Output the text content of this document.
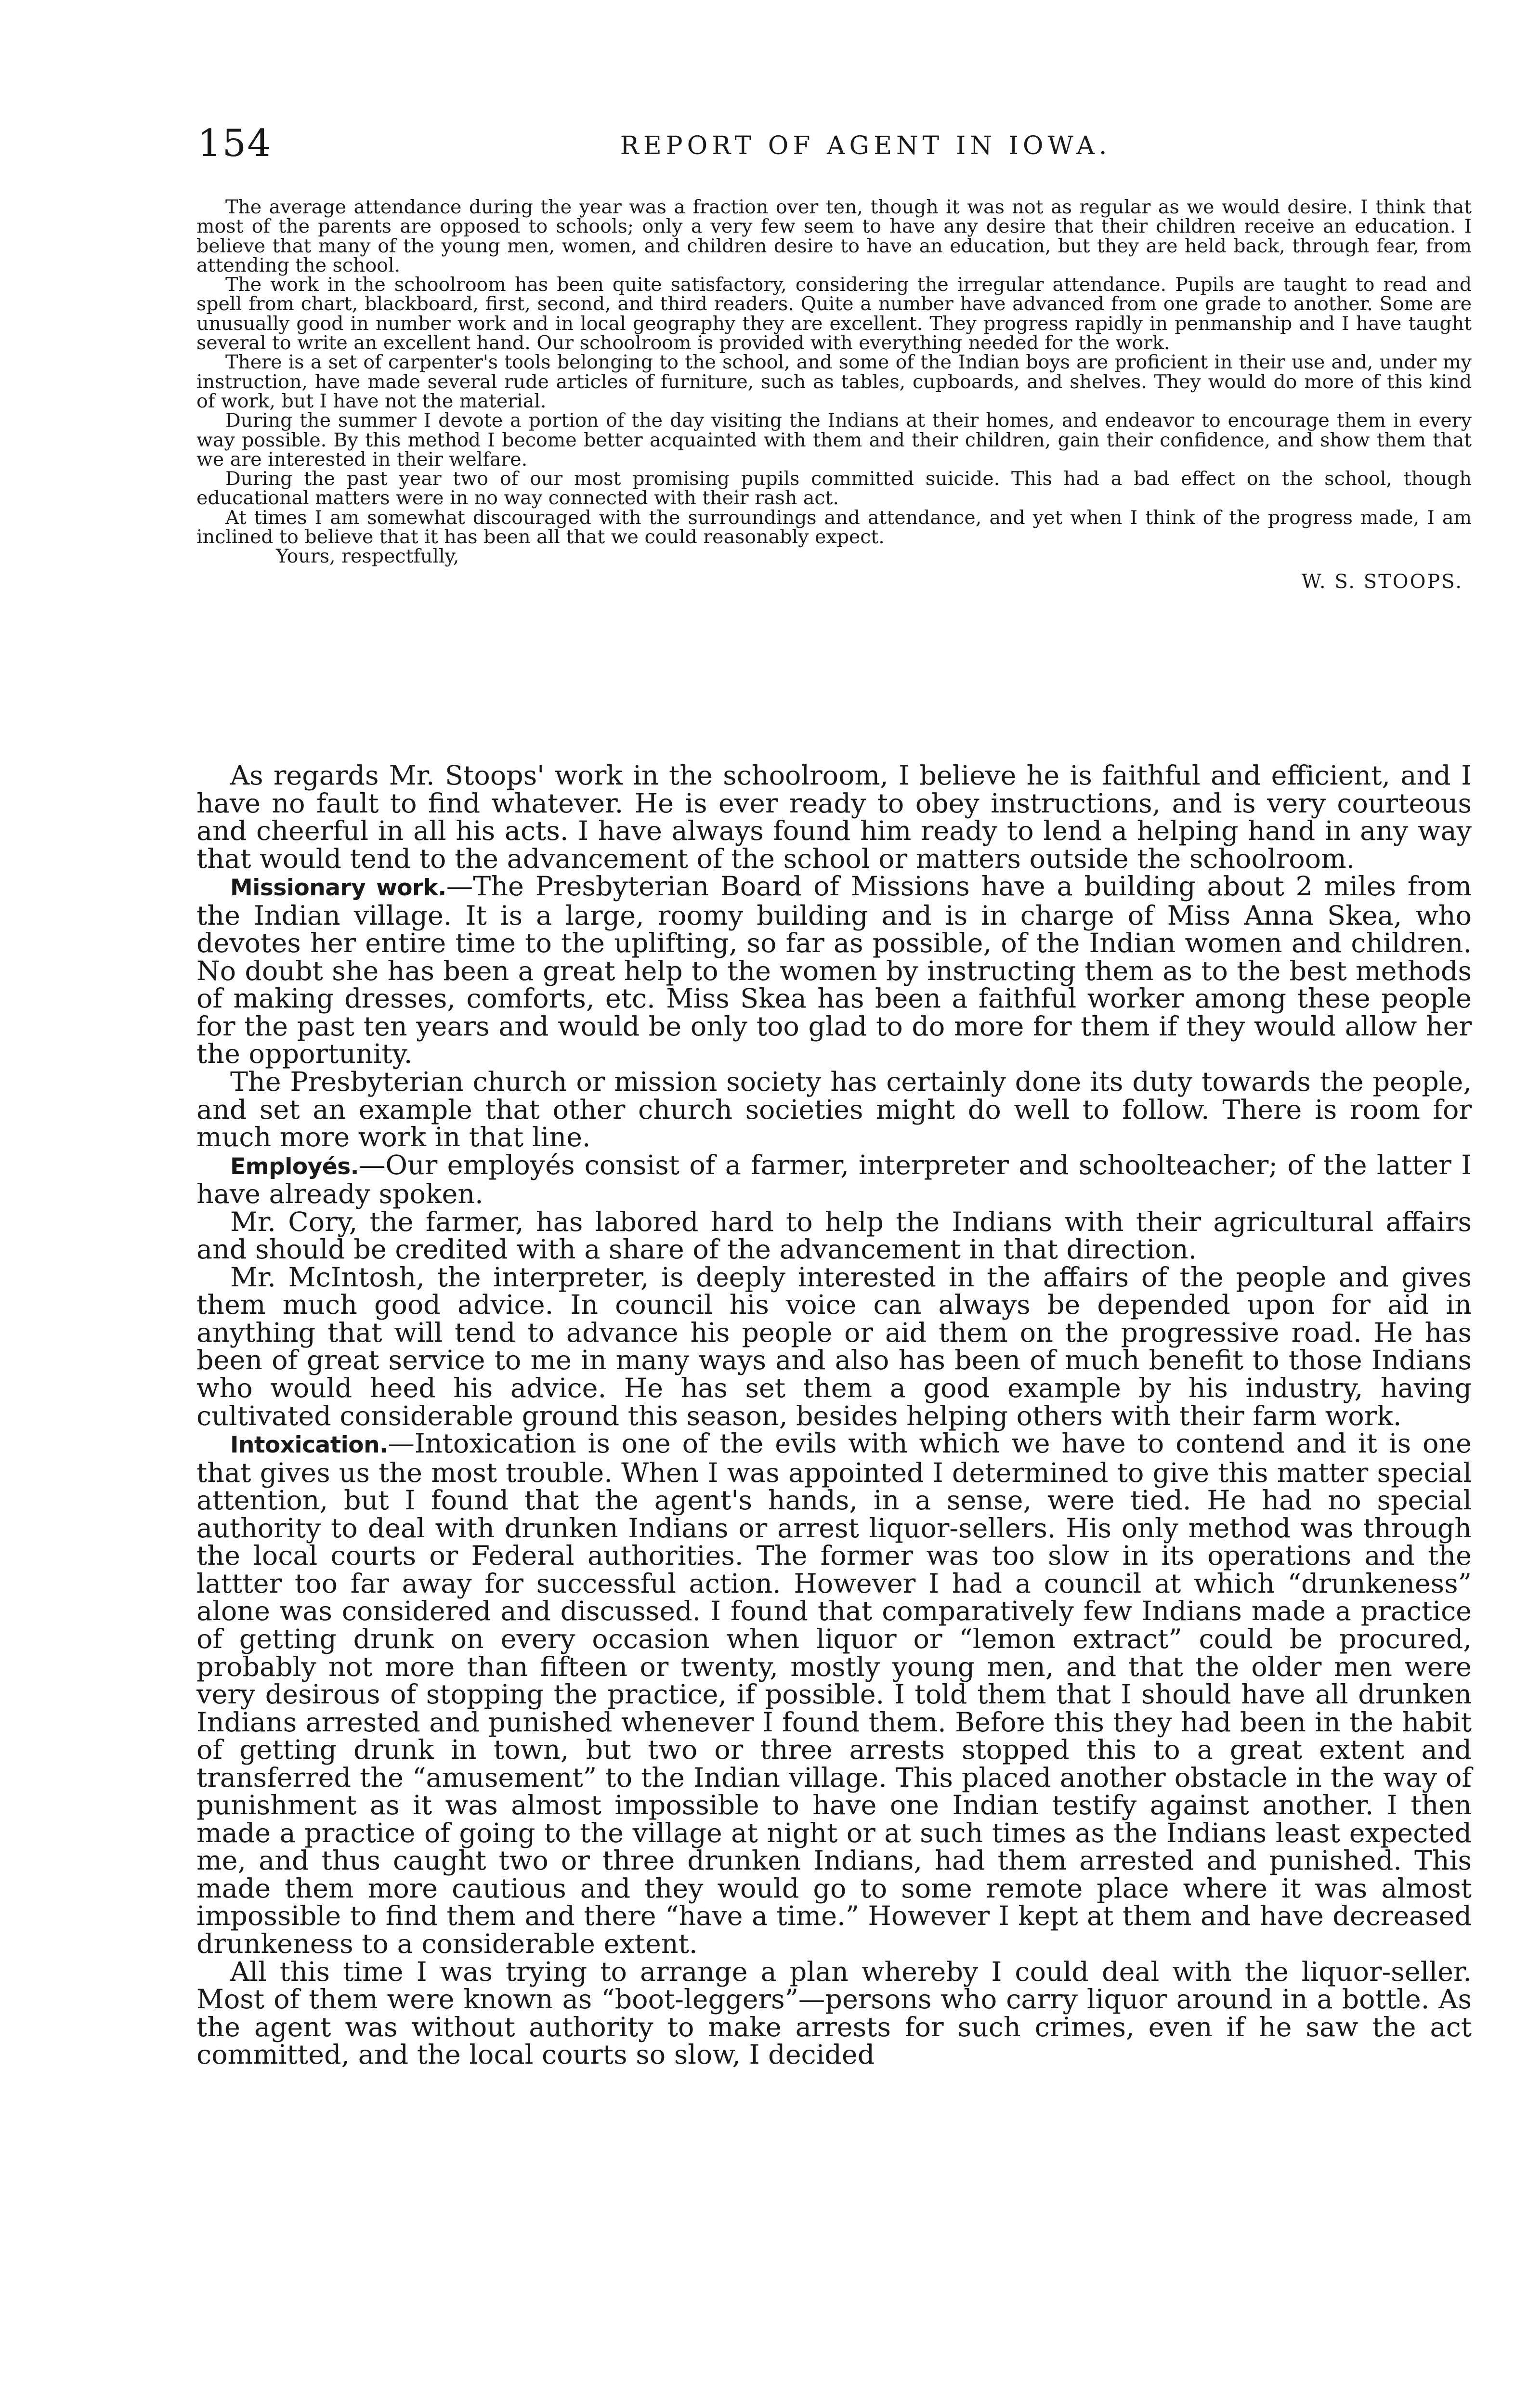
154	REPORT OF AGENT IN IOWA.

The average attendance during the year was a fraction over ten, though it was not as regular as we would desire. I think that most of the parents are opposed to schools; only a very few seem to have any desire that their children receive an education. I believe that many of the young men, women, and children desire to have an education, but they are held back, through fear, from attending the school.

The work in the schoolroom has been quite satisfactory, considering the irregular attendance. Pupils are taught to read and spell from chart, blackboard, first, second, and third readers. Quite a number have advanced from one grade to another. Some are unusually good in number work and in local geography they are excellent. They progress rapidly in penmanship and I have taught several to write an excellent hand. Our schoolroom is provided with everything needed for the work.

There is a set of carpenter's tools belonging to the school, and some of the Indian boys are proficient in their use and, under my instruction, have made several rude articles of furniture, such as tables, cupboards, and shelves. They would do more of this kind of work, but I have not the material.

During the summer I devote a portion of the day visiting the Indians at their homes, and endeavor to encourage them in every way possible. By this method I become better acquainted with them and their children, gain their confidence, and show them that we are interested in their welfare.

During the past year two of our most promising pupils committed suicide. This had a bad effect on the school, though educational matters were in no way connected with their rash act.

At times I am somewhat discouraged with the surroundings and attendance, and yet when I think of the progress made, I am inclined to believe that it has been all that we could reasonably expect.

Yours, respectfully,

W. S. STOOPS.

As regards Mr. Stoops' work in the schoolroom, I believe he is faithful and efficient, and I have no fault to find whatever. He is ever ready to obey instructions, and is very courteous and cheerful in all his acts. I have always found him ready to lend a helping hand in any way that would tend to the advancement of the school or matters outside the schoolroom.

Missionary work.—The Presbyterian Board of Missions have a building about 2 miles from the Indian village. It is a large, roomy building and is in charge of Miss Anna Skea, who devotes her entire time to the uplifting, so far as possible, of the Indian women and children. No doubt she has been a great help to the women by instructing them as to the best methods of making dresses, comforts, etc. Miss Skea has been a faithful worker among these people for the past ten years and would be only too glad to do more for them if they would allow her the opportunity.

The Presbyterian church or mission society has certainly done its duty towards the people, and set an example that other church societies might do well to follow. There is room for much more work in that line.

Employés.—Our employés consist of a farmer, interpreter and schoolteacher; of the latter I have already spoken.

Mr. Cory, the farmer, has labored hard to help the Indians with their agricultural affairs and should be credited with a share of the advancement in that direction.

Mr. McIntosh, the interpreter, is deeply interested in the affairs of the people and gives them much good advice. In council his voice can always be depended upon for aid in anything that will tend to advance his people or aid them on the progressive road. He has been of great service to me in many ways and also has been of much benefit to those Indians who would heed his advice. He has set them a good example by his industry, having cultivated considerable ground this season, besides helping others with their farm work.

Intoxication.—Intoxication is one of the evils with which we have to contend and it is one that gives us the most trouble. When I was appointed I determined to give this matter special attention, but I found that the agent's hands, in a sense, were tied. He had no special authority to deal with drunken Indians or arrest liquor-sellers. His only method was through the local courts or Federal authorities. The former was too slow in its operations and the lattter too far away for successful action. However I had a council at which “drunkeness” alone was considered and discussed. I found that comparatively few Indians made a practice of getting drunk on every occasion when liquor or “lemon extract” could be procured, probably not more than fifteen or twenty, mostly young men, and that the older men were very desirous of stopping the practice, if possible. I told them that I should have all drunken Indians arrested and punished whenever I found them. Before this they had been in the habit of getting drunk in town, but two or three arrests stopped this to a great extent and transferred the “amusement” to the Indian village. This placed another obstacle in the way of punishment as it was almost impossible to have one Indian testify against another. I then made a practice of going to the village at night or at such times as the Indians least expected me, and thus caught two or three drunken Indians, had them arrested and punished. This made them more cautious and they would go to some remote place where it was almost impossible to find them and there “have a time.” However I kept at them and have decreased drunkeness to a considerable extent.

All this time I was trying to arrange a plan whereby I could deal with the liquor-seller. Most of them were known as “boot-leggers”—persons who carry liquor around in a bottle. As the agent was without authority to make arrests for such crimes, even if he saw the act committed, and the local courts so slow, I decided
